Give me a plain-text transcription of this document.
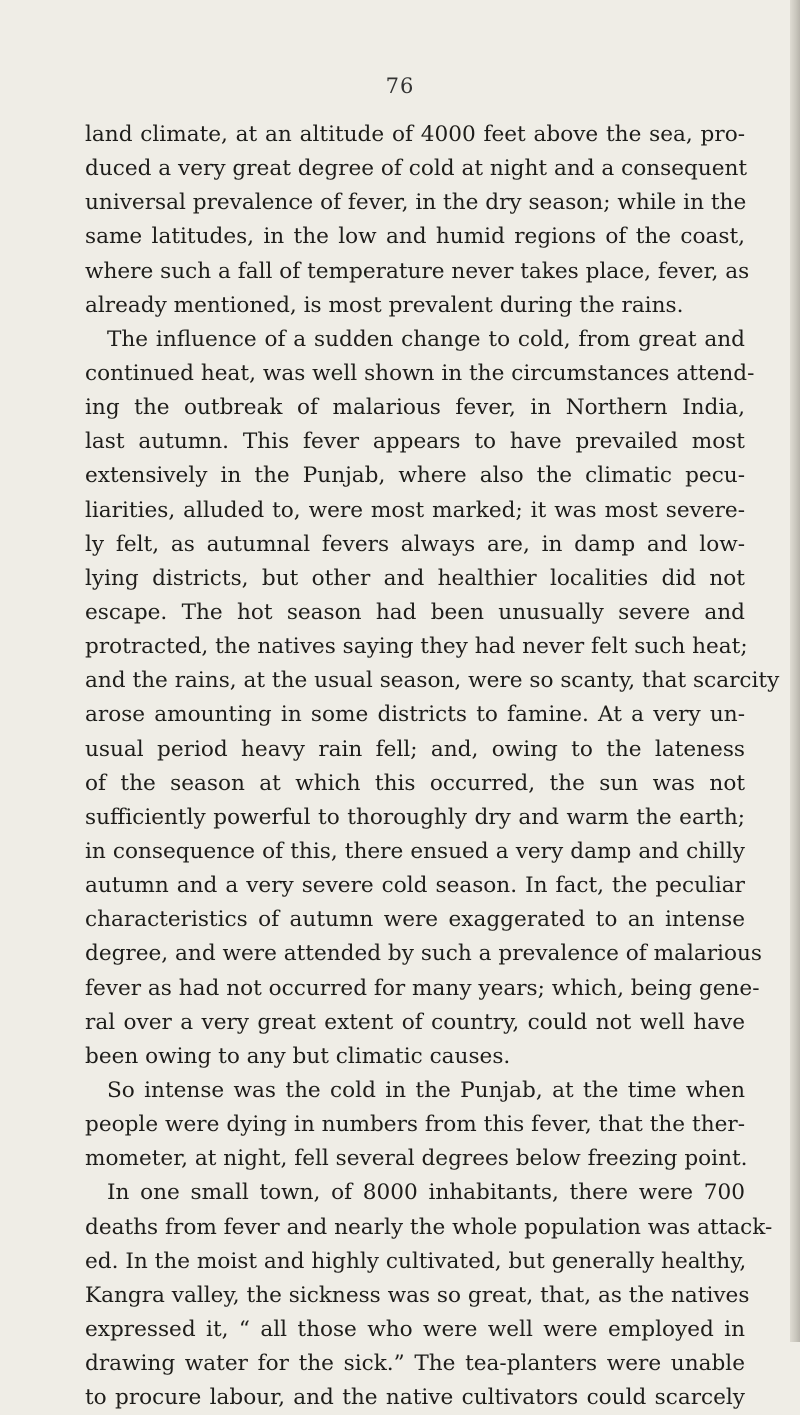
76
land climate, at an altitude of 4000 feet above the sea, pro-
duced a very great degree of cold at night and a consequent
universal prevalence of fever, in the dry season; while in the
same latitudes, in the low and humid regions of the coast,
where such a fall of temperature never takes place, fever, as
already mentioned, is most prevalent during the rains.
The influence of a sudden change to cold, from great and
continued heat, was well shown in the circumstances attend-
ing the outbreak of malarious fever, in Northern India,
last autumn. This fever appears to have prevailed most
extensively in the Punjab, where also the climatic pecu-
liarities, alluded to, were most marked; it was most severe-
ly felt, as autumnal fevers always are, in damp and low-
lying districts, but other and healthier localities did not
escape. The hot season had been unusually severe and
protracted, the natives saying they had never felt such heat;
and the rains, at the usual season, were so scanty, that scarcity
arose amounting in some districts to famine. At a very un-
usual period heavy rain fell; and, owing to the lateness
of the season at which this occurred, the sun was not
sufficiently powerful to thoroughly dry and warm the earth;
in consequence of this, there ensued a very damp and chilly
autumn and a very severe cold season. In fact, the peculiar
characteristics of autumn were exaggerated to an intense
degree, and were attended by such a prevalence of malarious
fever as had not occurred for many years; which, being gene-
ral over a very great extent of country, could not well have
been owing to any but climatic causes.
So intense was the cold in the Punjab, at the time when
people were dying in numbers from this fever, that the ther-
mometer, at night, fell several degrees below freezing point.
In one small town, of 8000 inhabitants, there were 700
deaths from fever and nearly the whole population was attack-
ed. In the moist and highly cultivated, but generally healthy,
Kangra valley, the sickness was so great, that, as the natives
expressed it, “ all those who were well were employed in
drawing water for the sick.” The tea-planters were unable
to procure labour, and the native cultivators could scarcely
